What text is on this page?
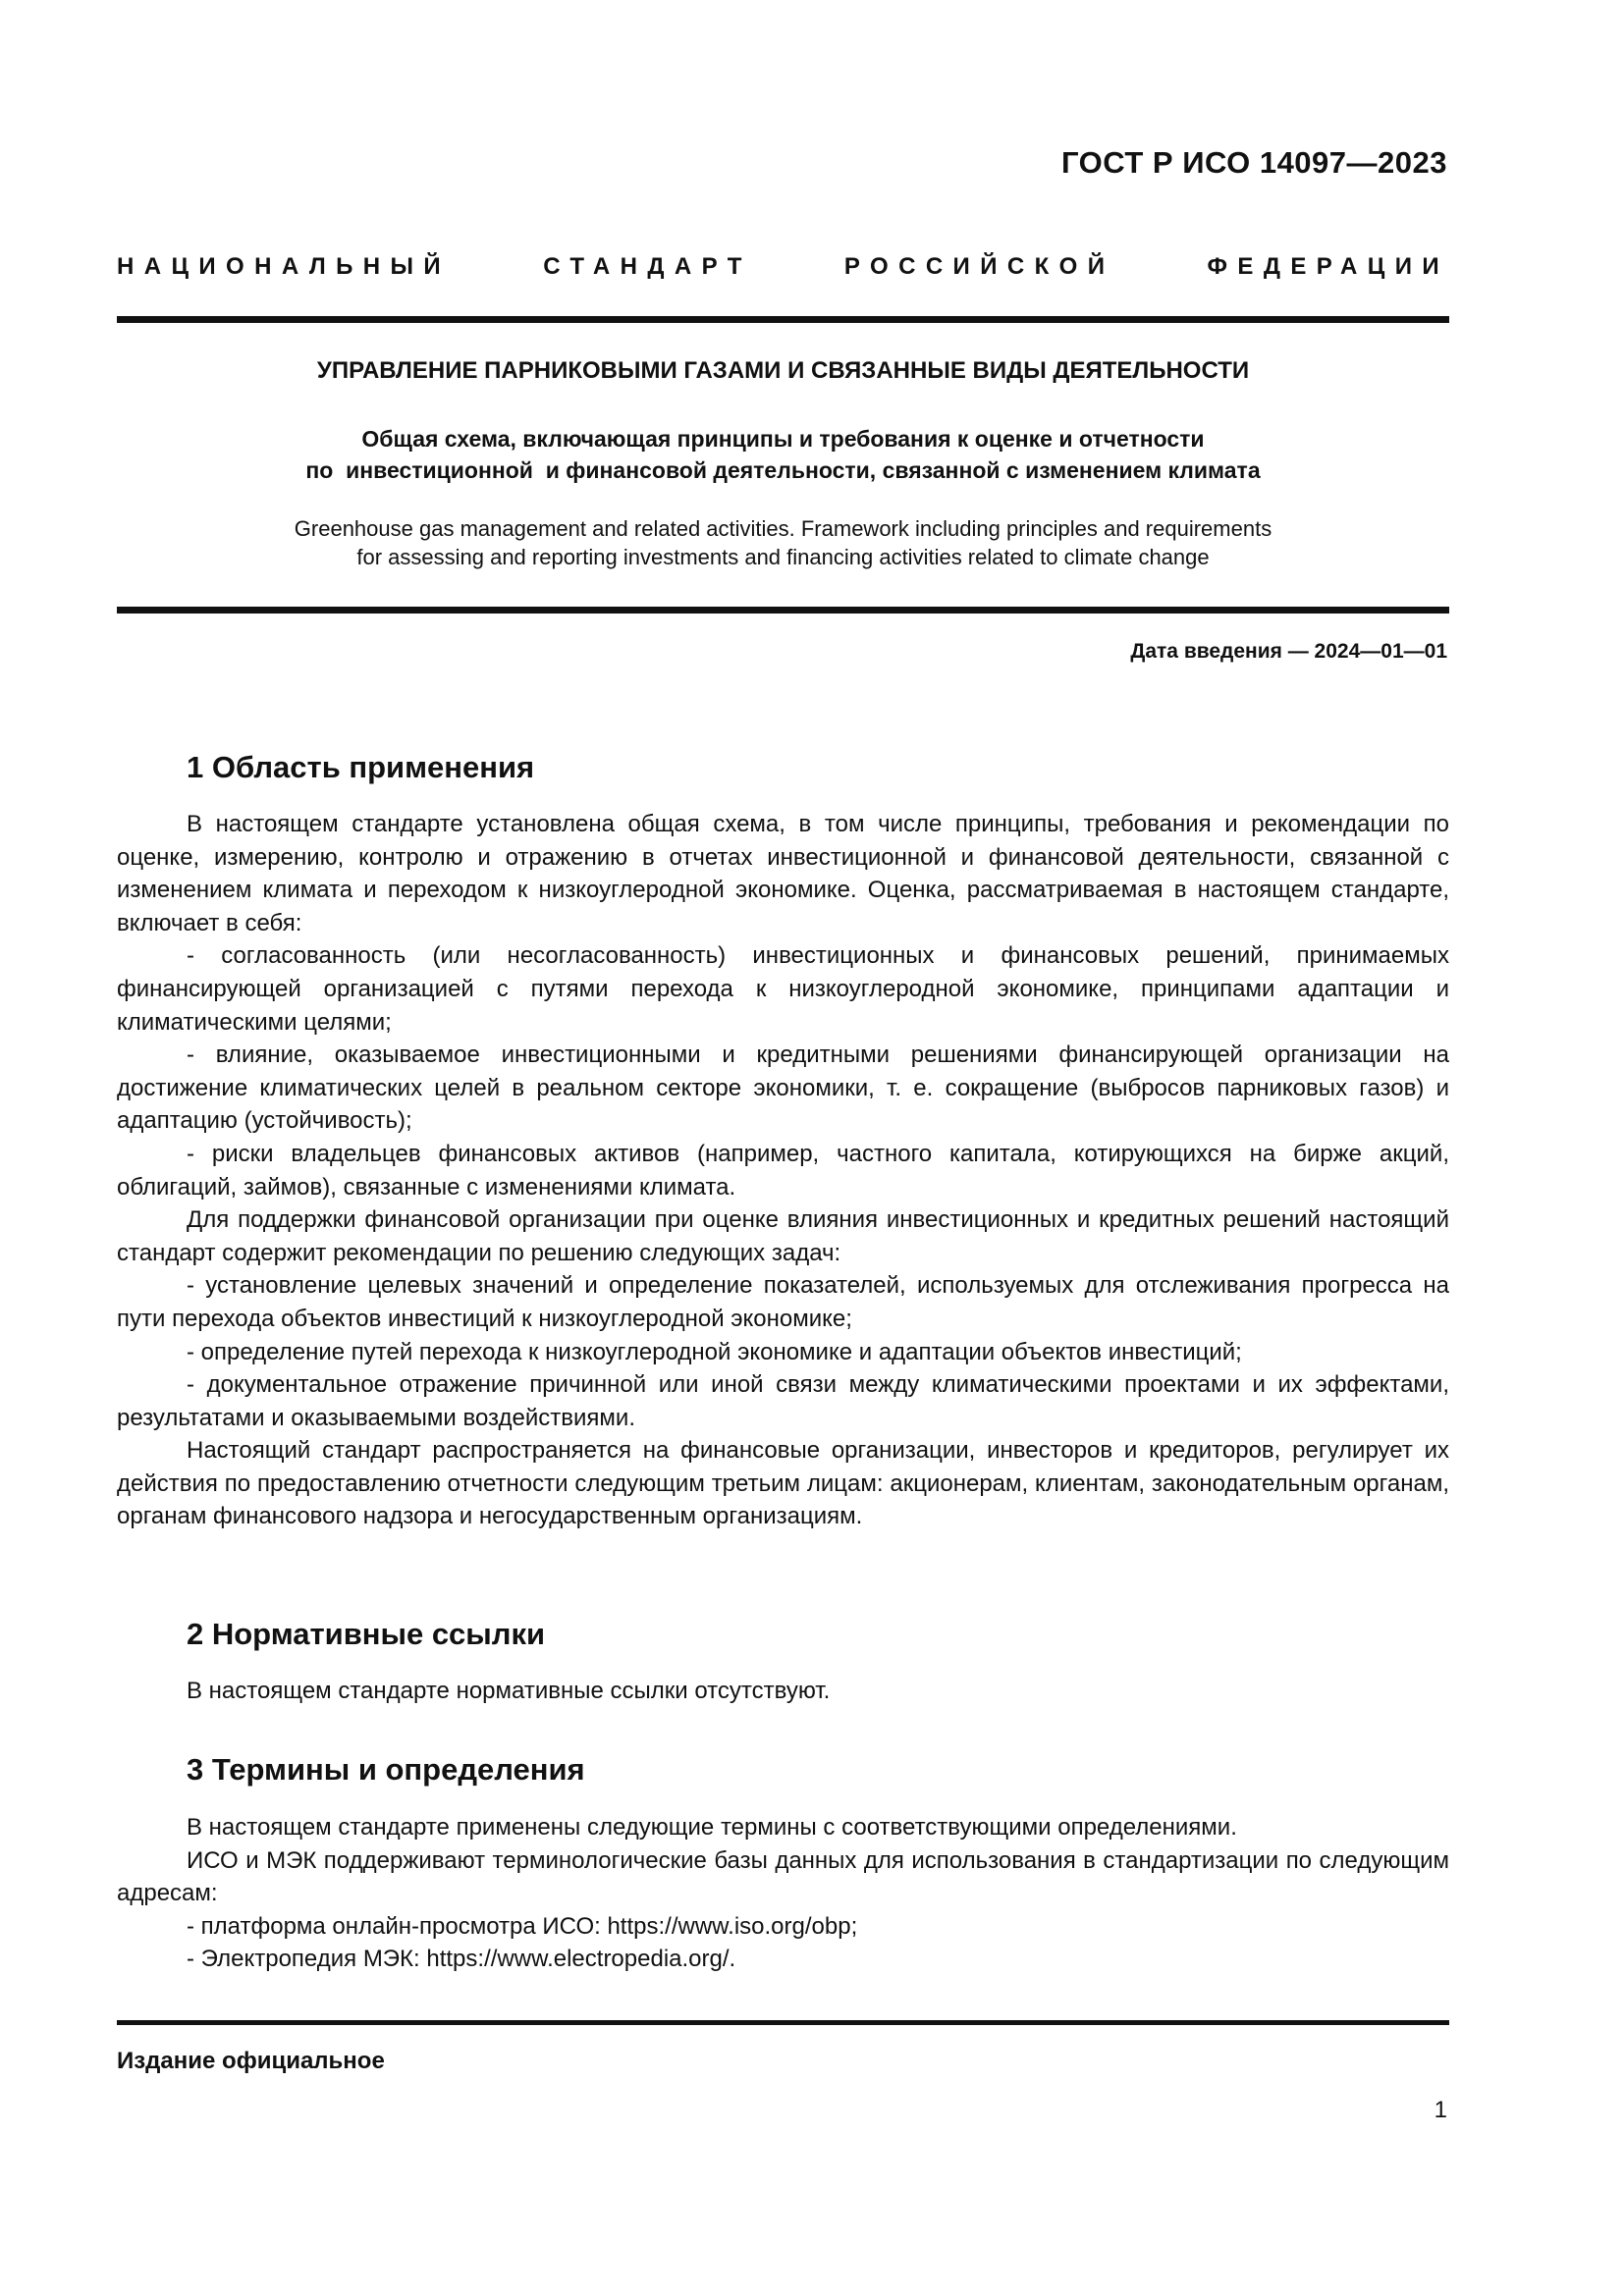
ГОСТ Р ИСО 14097—2023
НАЦИОНАЛЬНЫЙ СТАНДАРТ РОССИЙСКОЙ ФЕДЕРАЦИИ
УПРАВЛЕНИЕ ПАРНИКОВЫМИ ГАЗАМИ И СВЯЗАННЫЕ ВИДЫ ДЕЯТЕЛЬНОСТИ
Общая схема, включающая принципы и требования к оценке и отчетности
по  инвестиционной  и финансовой деятельности, связанной с изменением климата
Greenhouse gas management and related activities. Framework including principles and requirements
for assessing and reporting investments and financing activities related to climate change
Дата введения — 2024—01—01
1 Область применения

В настоящем стандарте установлена общая схема, в том числе принципы, требования и рекомендации по оценке, измерению, контролю и отражению в отчетах инвестиционной и финансовой деятельности, связанной с изменением климата и переходом к низкоуглеродной экономике. Оценка, рассматриваемая в настоящем стандарте, включает в себя:

- согласованность (или несогласованность) инвестиционных и финансовых решений, принимаемых финансирующей организацией с путями перехода к низкоуглеродной экономике, принципами адаптации и климатическими целями;

- влияние, оказываемое инвестиционными и кредитными решениями финансирующей организации на достижение климатических целей в реальном секторе экономики, т. е. сокращение (выбросов парниковых газов) и адаптацию (устойчивость);

- риски владельцев финансовых активов (например, частного капитала, котирующихся на бирже акций, облигаций, займов), связанные с изменениями климата.

Для поддержки финансовой организации при оценке влияния инвестиционных и кредитных решений настоящий стандарт содержит рекомендации по решению следующих задач:

- установление целевых значений и определение показателей, используемых для отслеживания прогресса на пути перехода объектов инвестиций к низкоуглеродной экономике;

- определение путей перехода к низкоуглеродной экономике и адаптации объектов инвестиций;

- документальное отражение причинной или иной связи между климатическими проектами и их эффектами, результатами и оказываемыми воздействиями.

Настоящий стандарт распространяется на финансовые организации, инвесторов и кредиторов, регулирует их действия по предоставлению отчетности следующим третьим лицам: акционерам, клиентам, законодательным органам, органам финансового надзора и негосударственным организациям.

2 Нормативные ссылки

В настоящем стандарте нормативные ссылки отсутствуют.

3 Термины и определения

В настоящем стандарте применены следующие термины с соответствующими определениями.

ИСО и МЭК поддерживают терминологические базы данных для использования в стандартизации по следующим адресам:

- платформа онлайн-просмотра ИСО: https://www.iso.org/obp;

- Электропедия МЭК: https://www.electropedia.org/.

Издание официальное
1
